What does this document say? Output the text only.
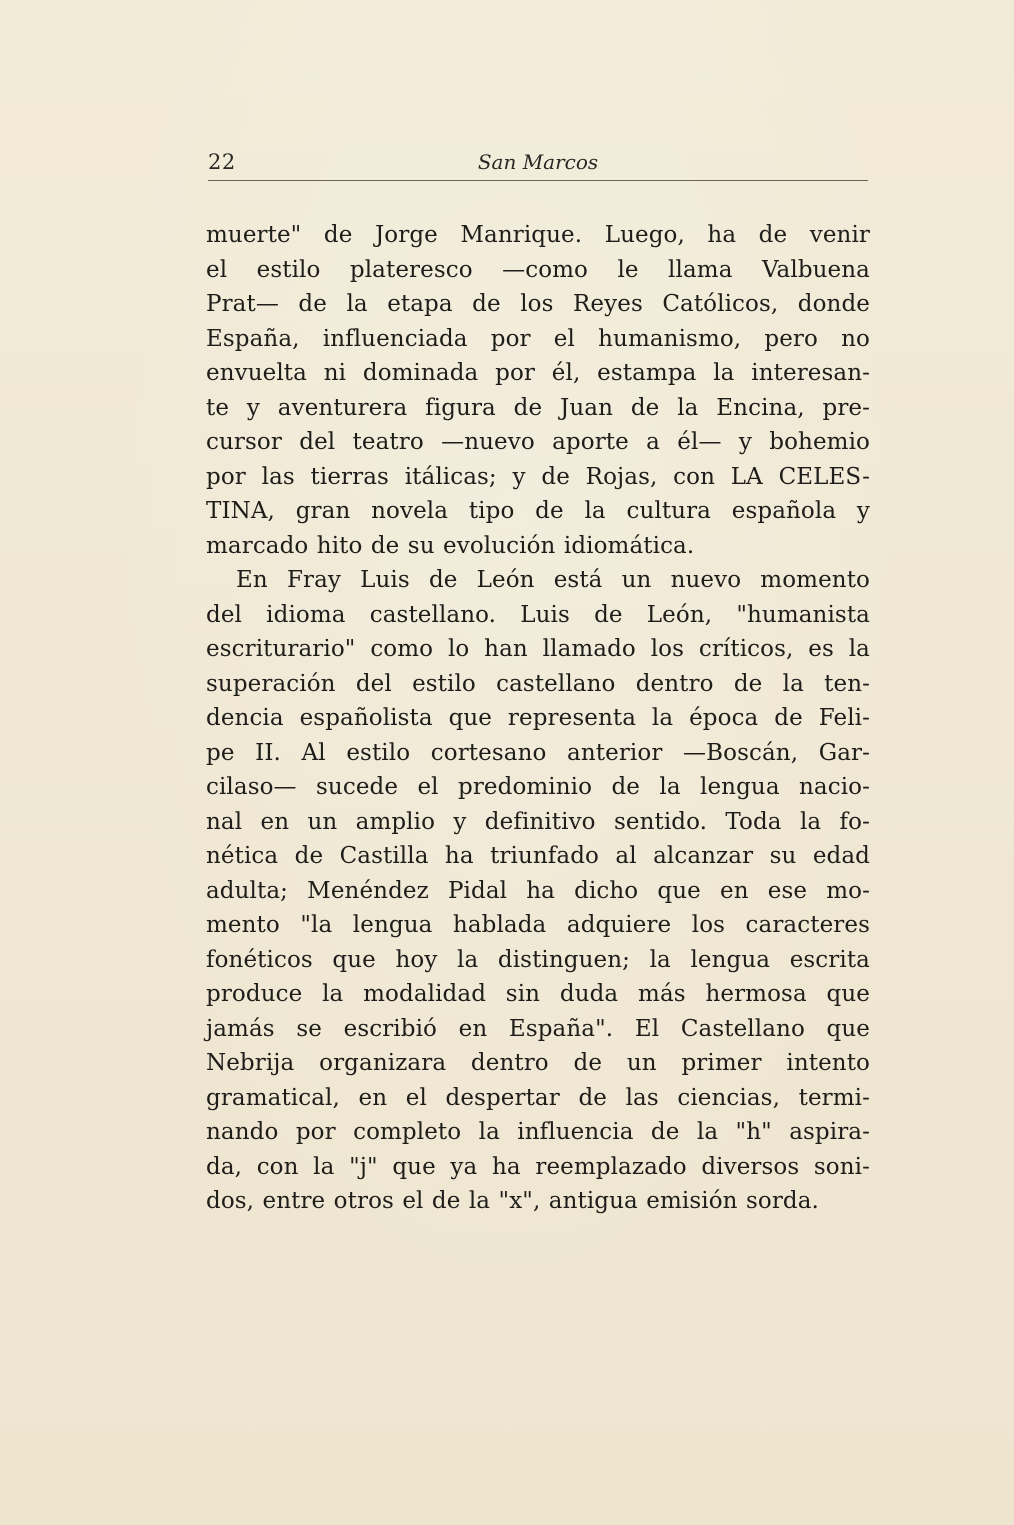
22	San Marcos
muerte" de Jorge Manrique. Luego, ha de venir
el estilo plateresco —como le llama Valbuena
Prat— de la etapa de los Reyes Católicos, donde
España, influenciada por el humanismo, pero no
envuelta ni dominada por él, estampa la interesan-
te y aventurera figura de Juan de la Encina, pre-
cursor del teatro —nuevo aporte a él— y bohemio
por las tierras itálicas; y de Rojas, con LA CELES-
TINA, gran novela tipo de la cultura española y
marcado hito de su evolución idiomática.
En Fray Luis de León está un nuevo momento
del idioma castellano. Luis de León, "humanista
escriturario" como lo han llamado los críticos, es la
superación del estilo castellano dentro de la ten-
dencia españolista que representa la época de Feli-
pe II. Al estilo cortesano anterior —Boscán, Gar-
cilaso— sucede el predominio de la lengua nacio-
nal en un amplio y definitivo sentido. Toda la fo-
nética de Castilla ha triunfado al alcanzar su edad
adulta; Menéndez Pidal ha dicho que en ese mo-
mento "la lengua hablada adquiere los caracteres
fonéticos que hoy la distinguen; la lengua escrita
produce la modalidad sin duda más hermosa que
jamás se escribió en España". El Castellano que
Nebrija organizara dentro de un primer intento
gramatical, en el despertar de las ciencias, termi-
nando por completo la influencia de la "h" aspira-
da, con la "j" que ya ha reemplazado diversos soni-
dos, entre otros el de la "x", antigua emisión sorda.
